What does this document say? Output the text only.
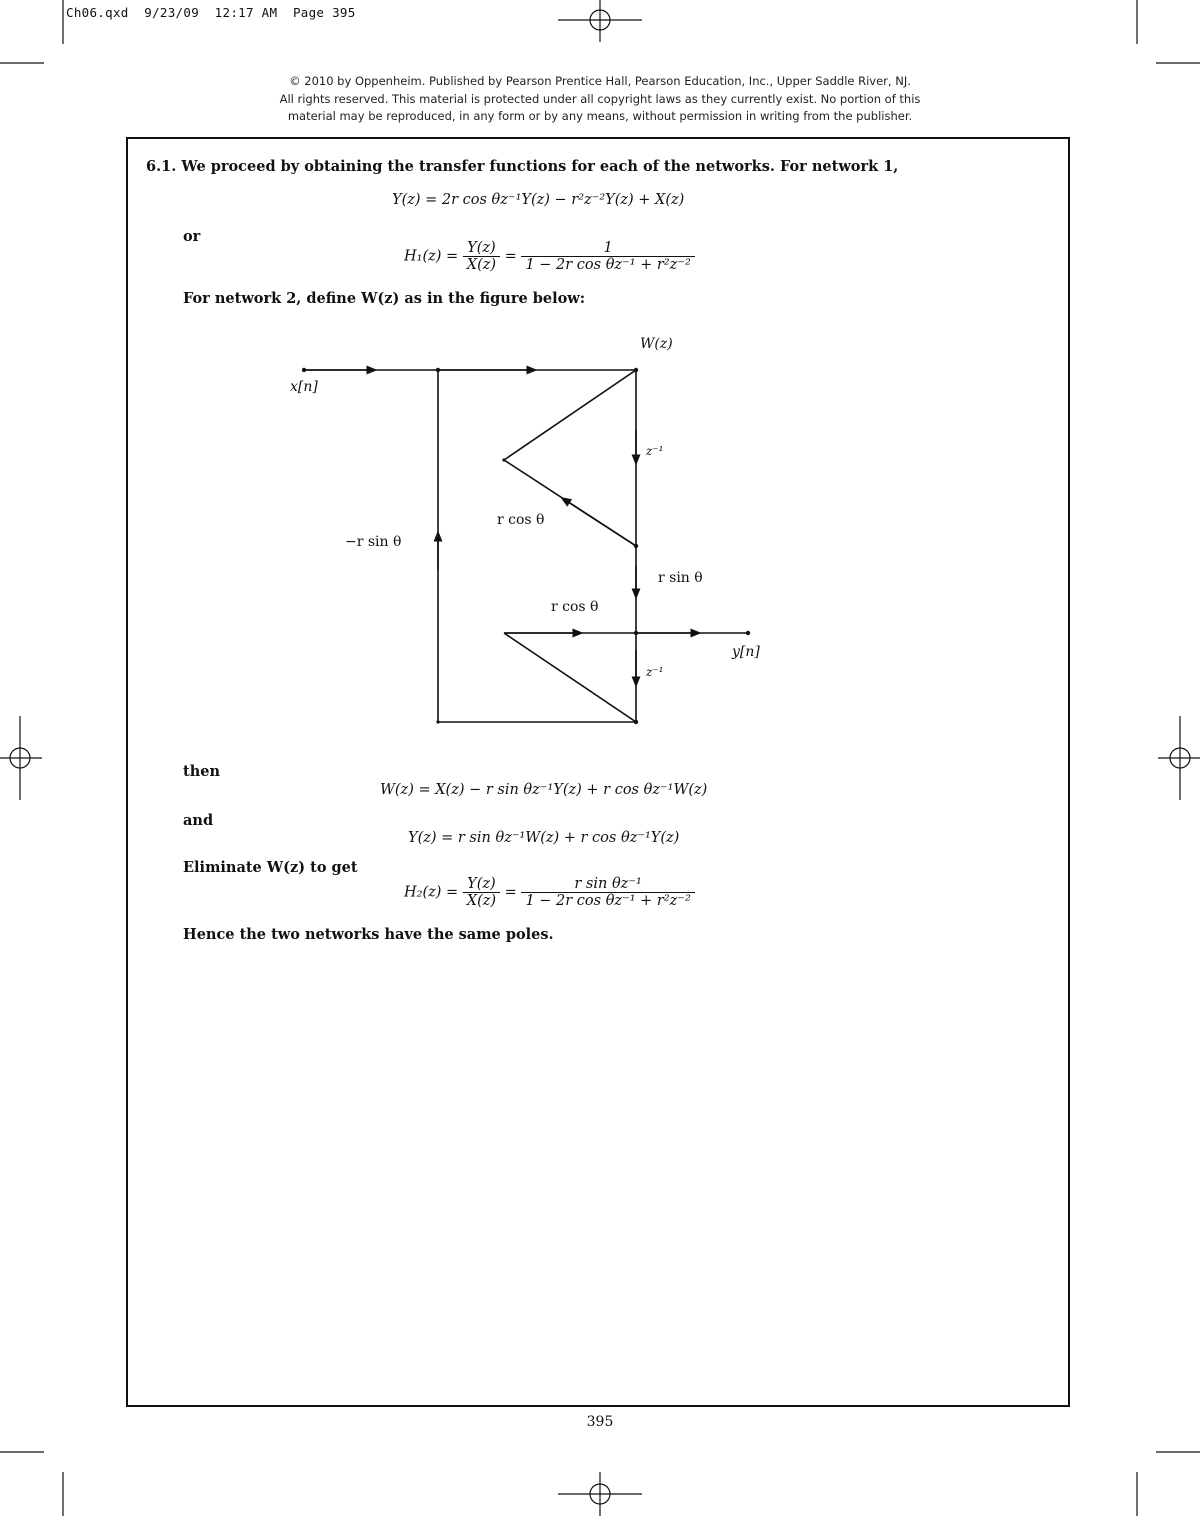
Ch06.qxd  9/23/09  12:17 AM  Page 395
© 2010 by Oppenheim. Published by Pearson Prentice Hall, Pearson Education, Inc., Upper Saddle River, NJ.
All rights reserved. This material is protected under all copyright laws as they currently exist. No portion of this
material may be reproduced, in any form or by any means, without permission in writing from the publisher.
6.1. We proceed by obtaining the transfer functions for each of the networks. For network 1,
Y(z) = 2r cos θz⁻¹Y(z) − r²z⁻²Y(z) + X(z)
or
$H_1(z) = \frac{Y(z)}{X(z)} = \frac{1}{\text{1 − 2r cos θz⁻¹ + r²z⁻²}}$
For network 2, define W(z) as in the figure below:
W(z)
x[n]
z⁻¹
r cos θ
−r sin θ
r sin θ
r cos θ
y[n]
z⁻¹
then
W(z) = X(z) − r sin θz⁻¹Y(z) + r cos θz⁻¹W(z)
and
Y(z) = r sin θz⁻¹W(z) + r cos θz⁻¹Y(z)
Eliminate W(z) to get
$H_2(z) = \frac{Y(z)}{X(z)} = \frac{\text{r sin θz⁻¹}}{\text{1 − 2r cos θz⁻¹ + r²z⁻²}}$
Hence the two networks have the same poles.
395
